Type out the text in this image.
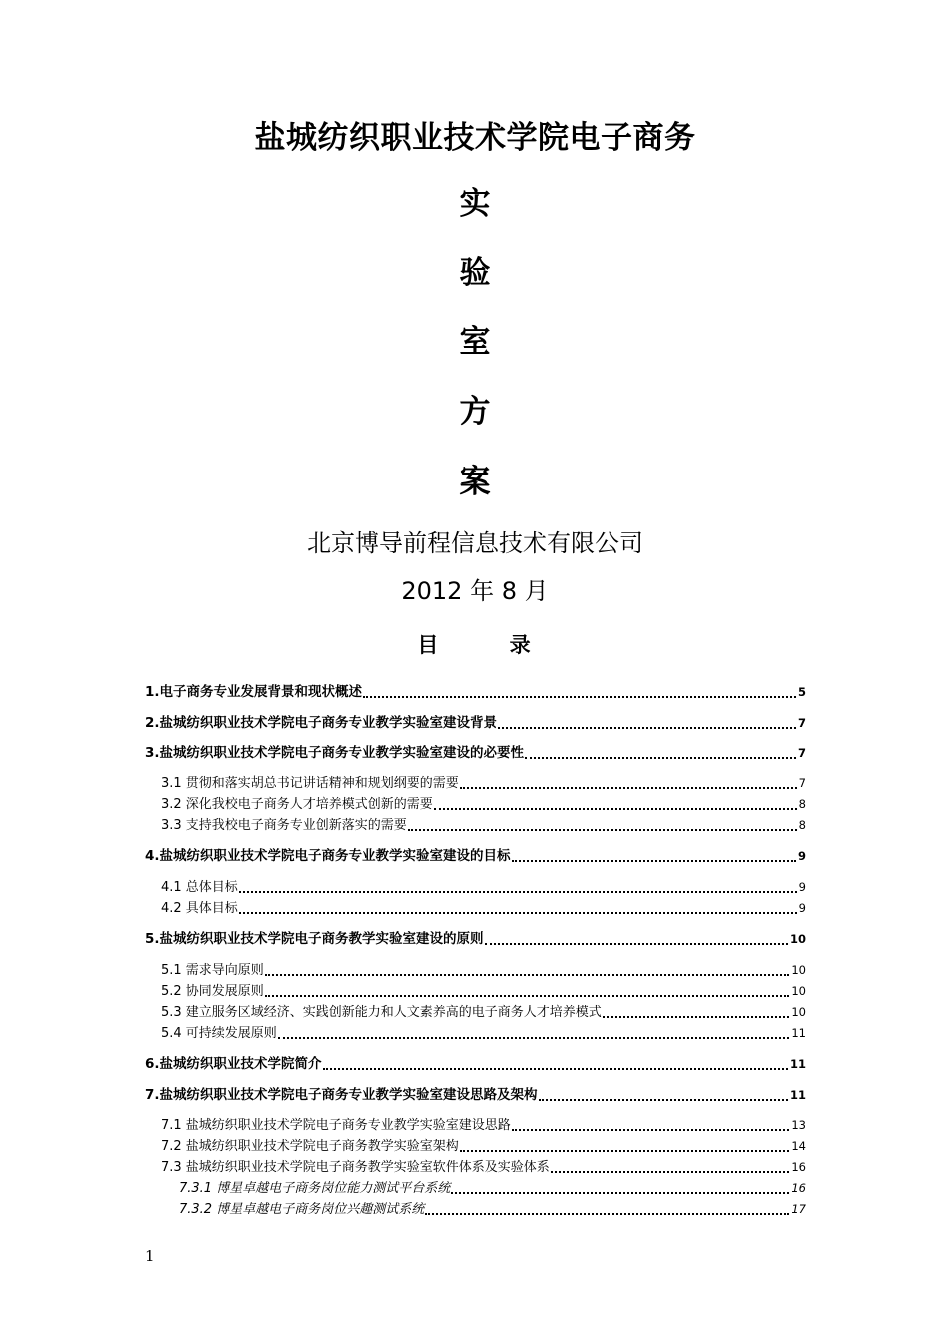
盐城纺织职业技术学院电子商务
实
验
室
方
案
北京博导前程信息技术有限公司
2012 年 8 月
目 录
1.电子商务专业发展背景和现状概述	5
2.盐城纺织职业技术学院电子商务专业教学实验室建设背景	7
3.盐城纺织职业技术学院电子商务专业教学实验室建设的必要性	7
3.1 贯彻和落实胡总书记讲话精神和规划纲要的需要	7
3.2 深化我校电子商务人才培养模式创新的需要	8
3.3 支持我校电子商务专业创新落实的需要	8
4.盐城纺织职业技术学院电子商务专业教学实验室建设的目标	9
4.1 总体目标	9
4.2 具体目标	9
5.盐城纺织职业技术学院电子商务教学实验室建设的原则	10
5.1 需求导向原则	10
5.2 协同发展原则	10
5.3 建立服务区域经济、实践创新能力和人文素养高的电子商务人才培养模式	10
5.4 可持续发展原则	11
6.盐城纺织职业技术学院简介	11
7.盐城纺织职业技术学院电子商务专业教学实验室建设思路及架构	11
7.1 盐城纺织职业技术学院电子商务专业教学实验室建设思路	13
7.2 盐城纺织职业技术学院电子商务教学实验室架构	14
7.3 盐城纺织职业技术学院电子商务教学实验室软件体系及实验体系	16
7.3.1 博星卓越电子商务岗位能力测试平台系统	16
7.3.2 博星卓越电子商务岗位兴趣测试系统	17
1
